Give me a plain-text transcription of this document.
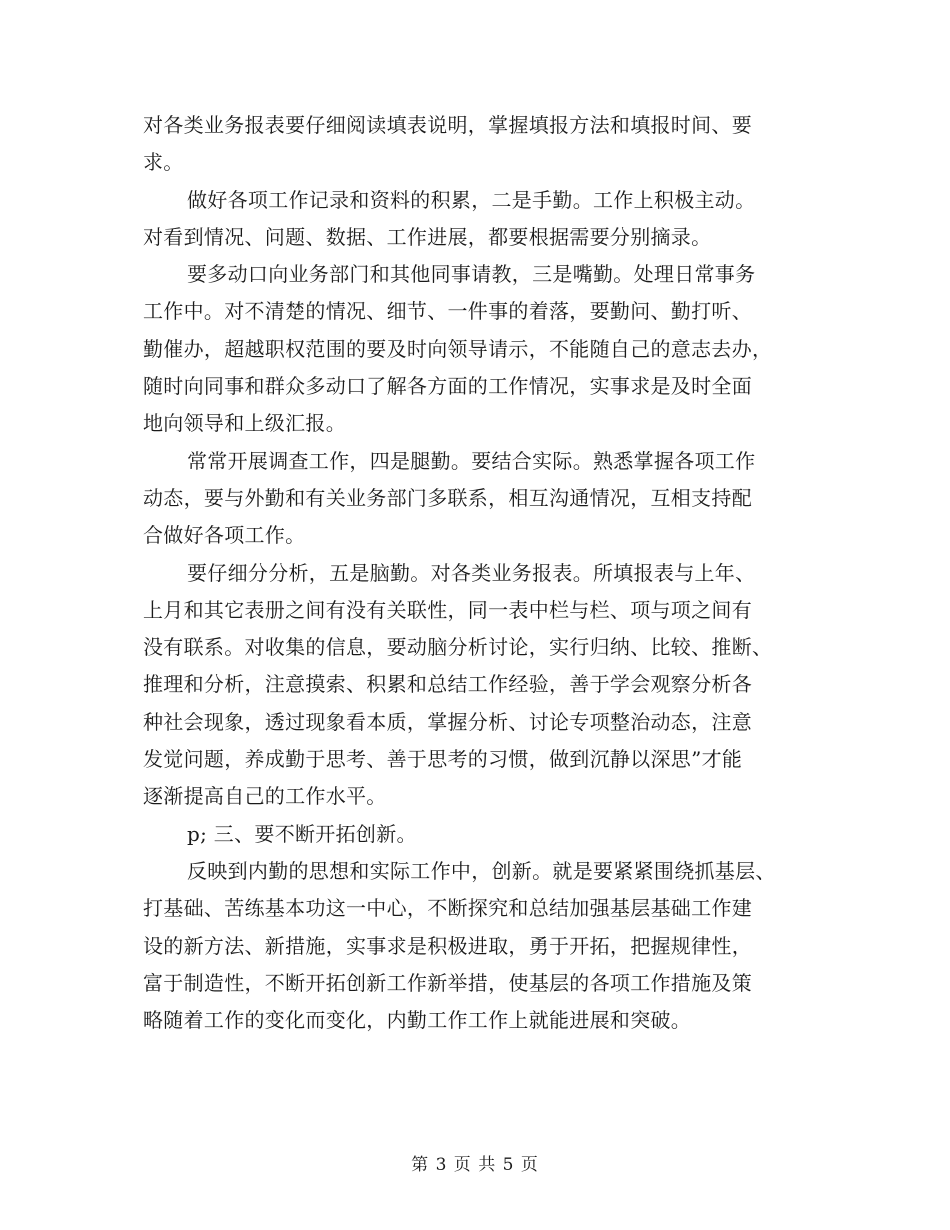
对各类业务报表要仔细阅读填表说明，掌握填报方法和填报时间、要
求。
做好各项工作记录和资料的积累，二是手勤。工作上积极主动。
对看到情况、问题、数据、工作进展，都要根据需要分别摘录。
要多动口向业务部门和其他同事请教，三是嘴勤。处理日常事务
工作中。对不清楚的情况、细节、一件事的着落，要勤问、勤打听、
勤催办，超越职权范围的要及时向领导请示，不能随自己的意志去办，
随时向同事和群众多动口了解各方面的工作情况，实事求是及时全面
地向领导和上级汇报。
常常开展调查工作，四是腿勤。要结合实际。熟悉掌握各项工作
动态，要与外勤和有关业务部门多联系，相互沟通情况，互相支持配
合做好各项工作。
要仔细分分析，五是脑勤。对各类业务报表。所填报表与上年、
上月和其它表册之间有没有关联性，同一表中栏与栏、项与项之间有
没有联系。对收集的信息，要动脑分析讨论，实行归纳、比较、推断、
推理和分析，注意摸索、积累和总结工作经验，善于学会观察分析各
种社会现象，透过现象看本质，掌握分析、讨论专项整治动态，注意
发觉问题，养成勤于思考、善于思考的习惯，做到沉静以深思”才能
逐渐提高自己的工作水平。
p; 三、要不断开拓创新。
反映到内勤的思想和实际工作中，创新。就是要紧紧围绕抓基层、
打基础、苦练基本功这一中心，不断探究和总结加强基层基础工作建
设的新方法、新措施，实事求是积极进取，勇于开拓，把握规律性，
富于制造性，不断开拓创新工作新举措，使基层的各项工作措施及策
略随着工作的变化而变化，内勤工作工作上就能进展和突破。
第 3 页 共 5 页
